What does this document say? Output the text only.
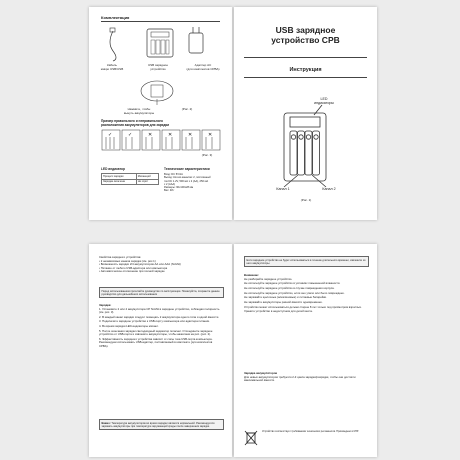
Комплектация
Кабель
микро USB/USB
USB зарядное
устройство
Адаптер AC
(для комплектов CPBA)
Нажмите, чтобы
вынуть аккумуляторы
(Рис. 2)
Пример правильного и неправильного
расположения аккумуляторов для зарядки
✓	✓	✕	✕	✕	✕
(Рис. 3)
LED индикатор
Процесс зарядки	Мигающий
Зарядка окончена	Не горит
Технические характеристики
Вход: DC 5V/1A
Выход: Кол-во каналов: 2, постоянный
ток DC 1.2V, 500 мА x 2 (АА), 250 мА
x 2 (ААА)
Размеры: 90x100x28 мм
Вес: 48 г
USB зарядное
устройство CPB
Инструкция
LED
индикаторы
Канал 1	Канал 2
(Рис. 1)
Свойства зарядного устройства:
• 2 независимых канала зарядки (см. рис.1)
• Возможность зарядки 2/4 аккумуляторов АА или ААА (Ni-MH)
• Питание от любого USB-адаптера или компьютера
• Автоматическое отключение при полной зарядке
Перед использованием прочитайте руководство по эксплуатации. Пожалуйста, сохраните данное руководство для дальнейшего использования
Зарядка:

1. Установите 2 или 4 аккумулятора CP Ni-MH в зарядное устройство, соблюдая полярность (см. рис. 3).

2. В каждый канал зарядки следует помещать 2 аккумулятора одного типа и одной ёмкости.

3. Подключите зарядное устройство к USB-порту компьютера или адаптера питания.

4. Во время зарядки LED-индикаторы мигают.

5. После окончания зарядки светодиодный индикатор погаснет. Отсоедините зарядное устройство от USB-порта и извлеките аккумуляторы, чтобы нажатием на рис. (рис. 2).

6. Эффективность зарядного устройства зависит от силы тока USB-порта компьютера. Рекомендуем использовать USB-адаптер, поставляемый в комплекте (для комплектов CPBA).

Важно: Температура аккумуляторов во время зарядки является нормальной. Рекомендуется заряжать аккумуляторы при температуре окружающей среды после завершения зарядки.
Если зарядное устройство не будет использоваться в течение длительного времени, извлеките из него аккумуляторы.
Внимание:

Не разбирайте зарядное устройство.

Не используйте зарядное устройство в условиях повышенной влажности.

Не используйте зарядное устройство в случае повреждения корпуса.

Не используйте зарядное устройство, если оно упало или было повреждено.

Не заряжайте щелочные (алкалиновые) и литиевые батарейки.

Не заряжайте аккумуляторы разной ёмкости одновременно.

Устройство может использоваться детьми старше 8 лет только под присмотром взрослых.

Храните устройство в недоступном для детей месте.

Зарядка аккумуляторов
Для новых аккумуляторов требуется 2-3 цикла зарядки/разрядки, чтобы они достигли максимальной ёмкости.
Устройство соответствует требованиям технических регламентов. Произведено в КНР.
